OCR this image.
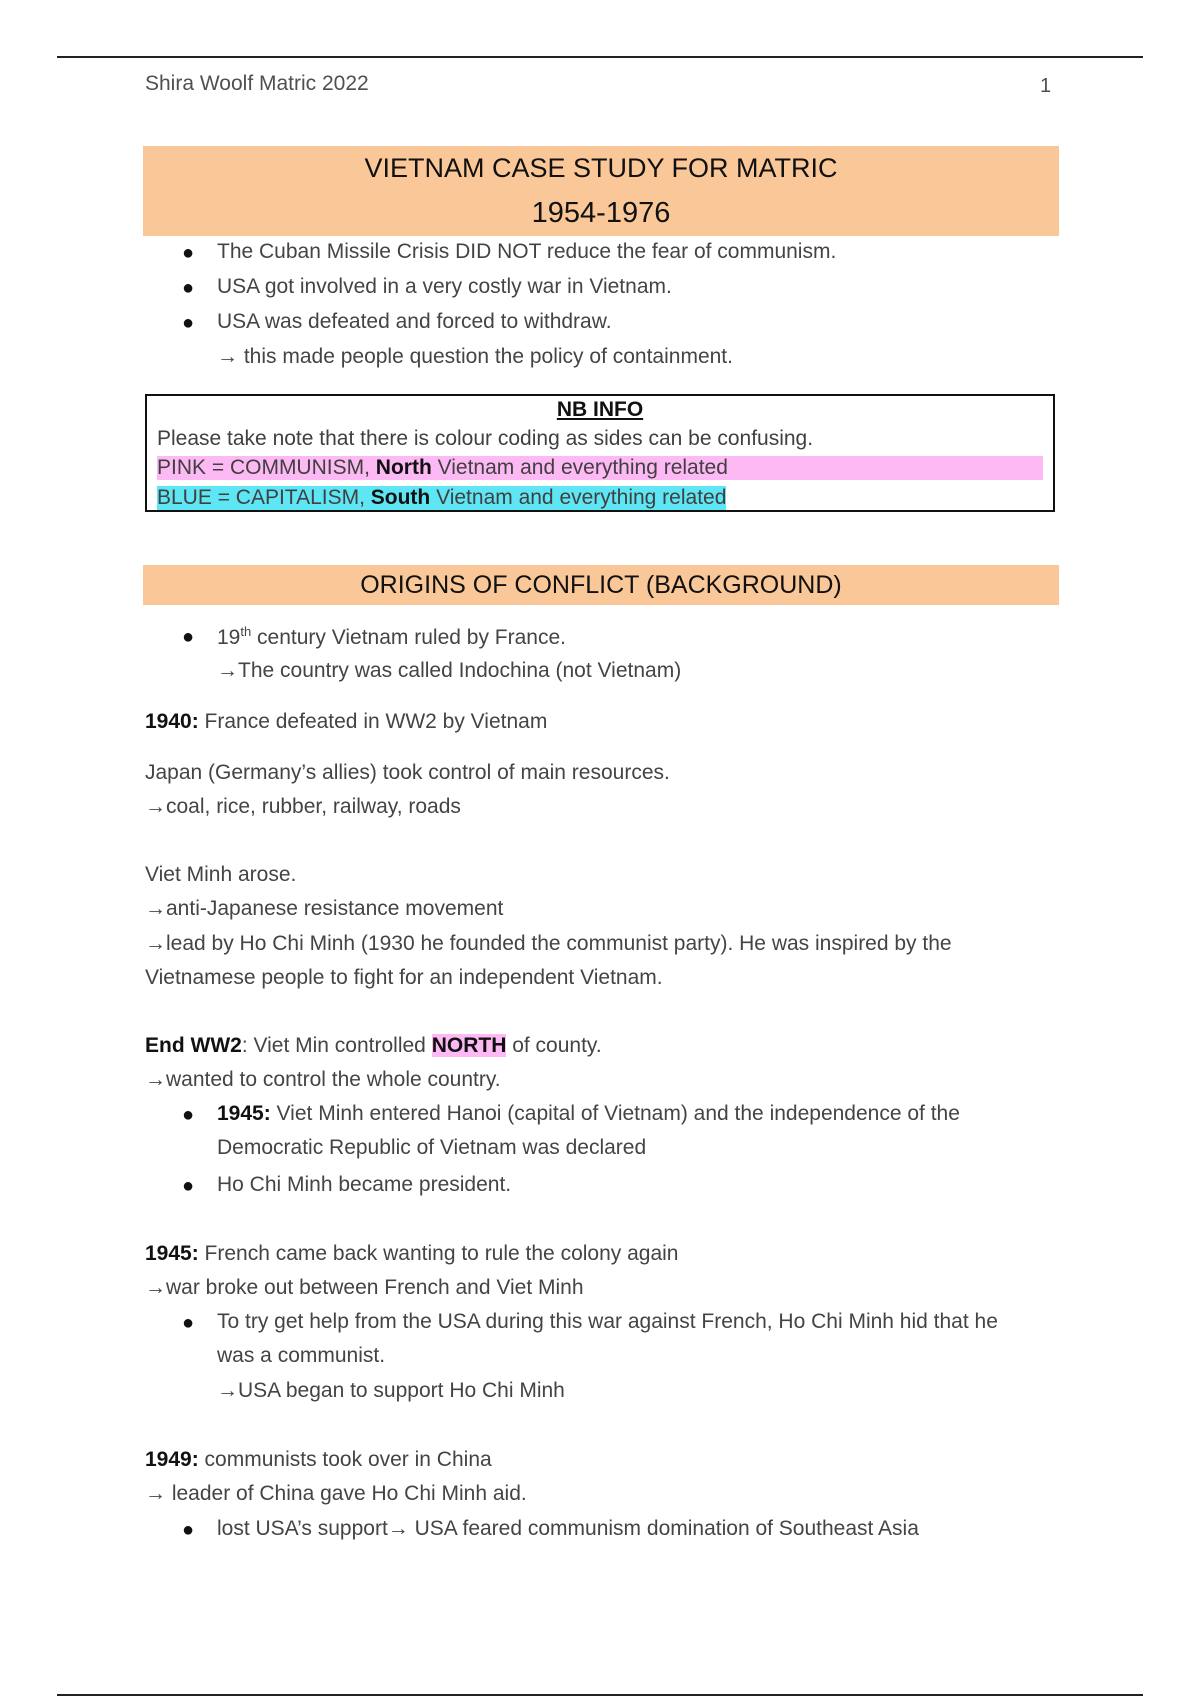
Shira Woolf Matric 2022	1
VIETNAM CASE STUDY FOR MATRIC
1954-1976
● The Cuban Missile Crisis DID NOT reduce the fear of communism.
● USA got involved in a very costly war in Vietnam.
● USA was defeated and forced to withdraw.
→ this made people question the policy of containment.
NB INFO
Please take note that there is colour coding as sides can be confusing.
PINK = COMMUNISM, North Vietnam and everything related
BLUE = CAPITALISM, South Vietnam and everything related
ORIGINS OF CONFLICT (BACKGROUND)
● 19th century Vietnam ruled by France.
→The country was called Indochina (not Vietnam)
1940: France defeated in WW2 by Vietnam
Japan (Germany’s allies) took control of main resources.
→coal, rice, rubber, railway, roads
Viet Minh arose.
→anti-Japanese resistance movement
→lead by Ho Chi Minh (1930 he founded the communist party). He was inspired by the
Vietnamese people to fight for an independent Vietnam.
End WW2: Viet Min controlled NORTH of county.
→wanted to control the whole country.
● 1945: Viet Minh entered Hanoi (capital of Vietnam) and the independence of the
Democratic Republic of Vietnam was declared
● Ho Chi Minh became president.
1945: French came back wanting to rule the colony again
→war broke out between French and Viet Minh
● To try get help from the USA during this war against French, Ho Chi Minh hid that he
was a communist.
→USA began to support Ho Chi Minh
1949: communists took over in China
→ leader of China gave Ho Chi Minh aid.
● lost USA’s support→ USA feared communism domination of Southeast Asia
